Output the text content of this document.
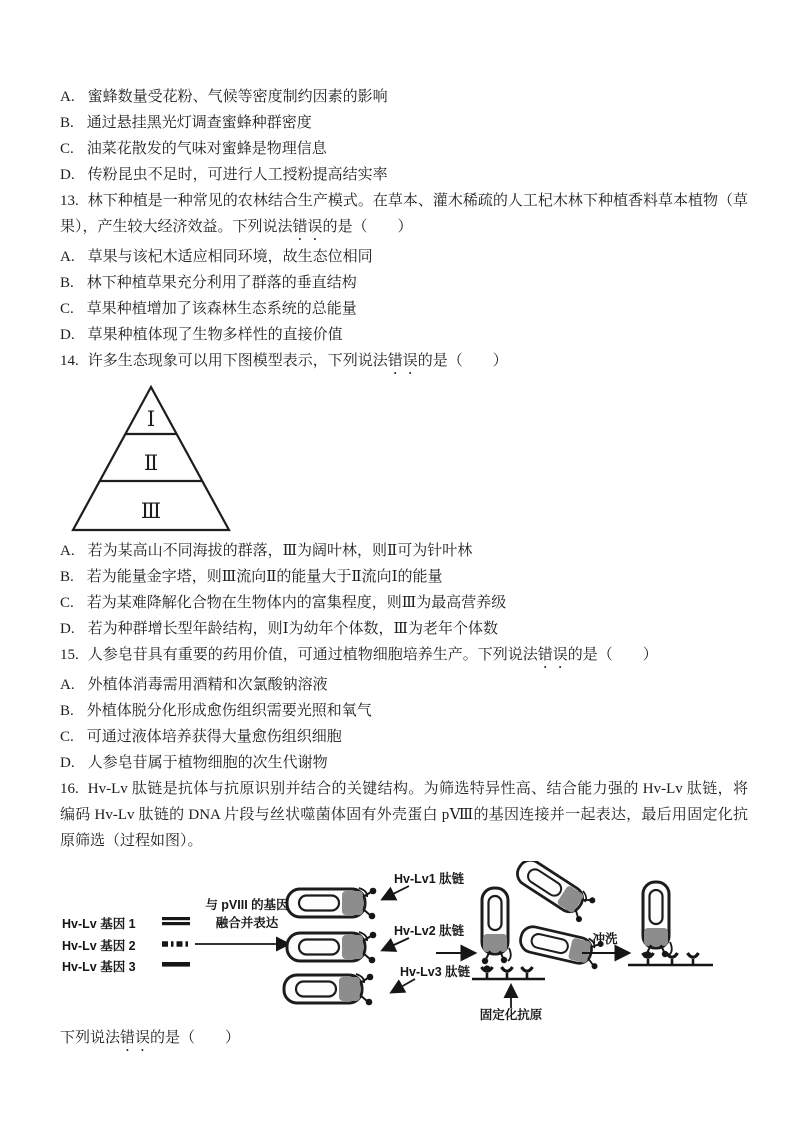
A. 蜜蜂数量受花粉、气候等密度制约因素的影响
B. 通过悬挂黑光灯调查蜜蜂种群密度
C. 油菜花散发的气味对蜜蜂是物理信息
D. 传粉昆虫不足时，可进行人工授粉提高结实率

13. 林下种植是一种常见的农林结合生产模式。在草本、灌木稀疏的人工杞木林下种植香料草本植物（草果），产生较大经济效益。下列说法错误的是（　　）

A. 草果与该杞木适应相同环境，故生态位相同
B. 林下种植草果充分利用了群落的垂直结构
C. 草果种植增加了该森林生态系统的总能量
D. 草果种植体现了生物多样性的直接价值

14. 许多生态现象可以用下图模型表示，下列说法错误的是（　　）

Ⅰ
Ⅱ
Ⅲ
A. 若为某高山不同海拔的群落，Ⅲ为阔叶林，则Ⅱ可为针叶林
B. 若为能量金字塔，则Ⅲ流向Ⅱ的能量大于Ⅱ流向Ⅰ的能量
C. 若为某难降解化合物在生物体内的富集程度，则Ⅲ为最高营养级
D. 若为种群增长型年龄结构，则Ⅰ为幼年个体数，Ⅲ为老年个体数

15. 人参皂苷具有重要的药用价值，可通过植物细胞培养生产。下列说法错误的是（　　）

A. 外植体消毒需用酒精和次氯酸钠溶液
B. 外植体脱分化形成愈伤组织需要光照和氧气
C. 可通过液体培养获得大量愈伤组织细胞
D. 人参皂苷属于植物细胞的次生代谢物

16. Hv-Lv 肽链是抗体与抗原识别并结合的关键结构。为筛选特异性高、结合能力强的 Hv-Lv 肽链，将编码 Hv-Lv 肽链的 DNA 片段与丝状噬菌体固有外壳蛋白 pⅧ的基因连接并一起表达，最后用固定化抗原筛选（过程如图）。

Hv-Lv 基因 1
Hv-Lv 基因 2
Hv-Lv 基因 3
与 pVIII 的基因
融合并表达
Hv-Lv1 肽链
Hv-Lv2 肽链
Hv-Lv3 肽链
冲洗
固定化抗原

下列说法错误的是（　　）
